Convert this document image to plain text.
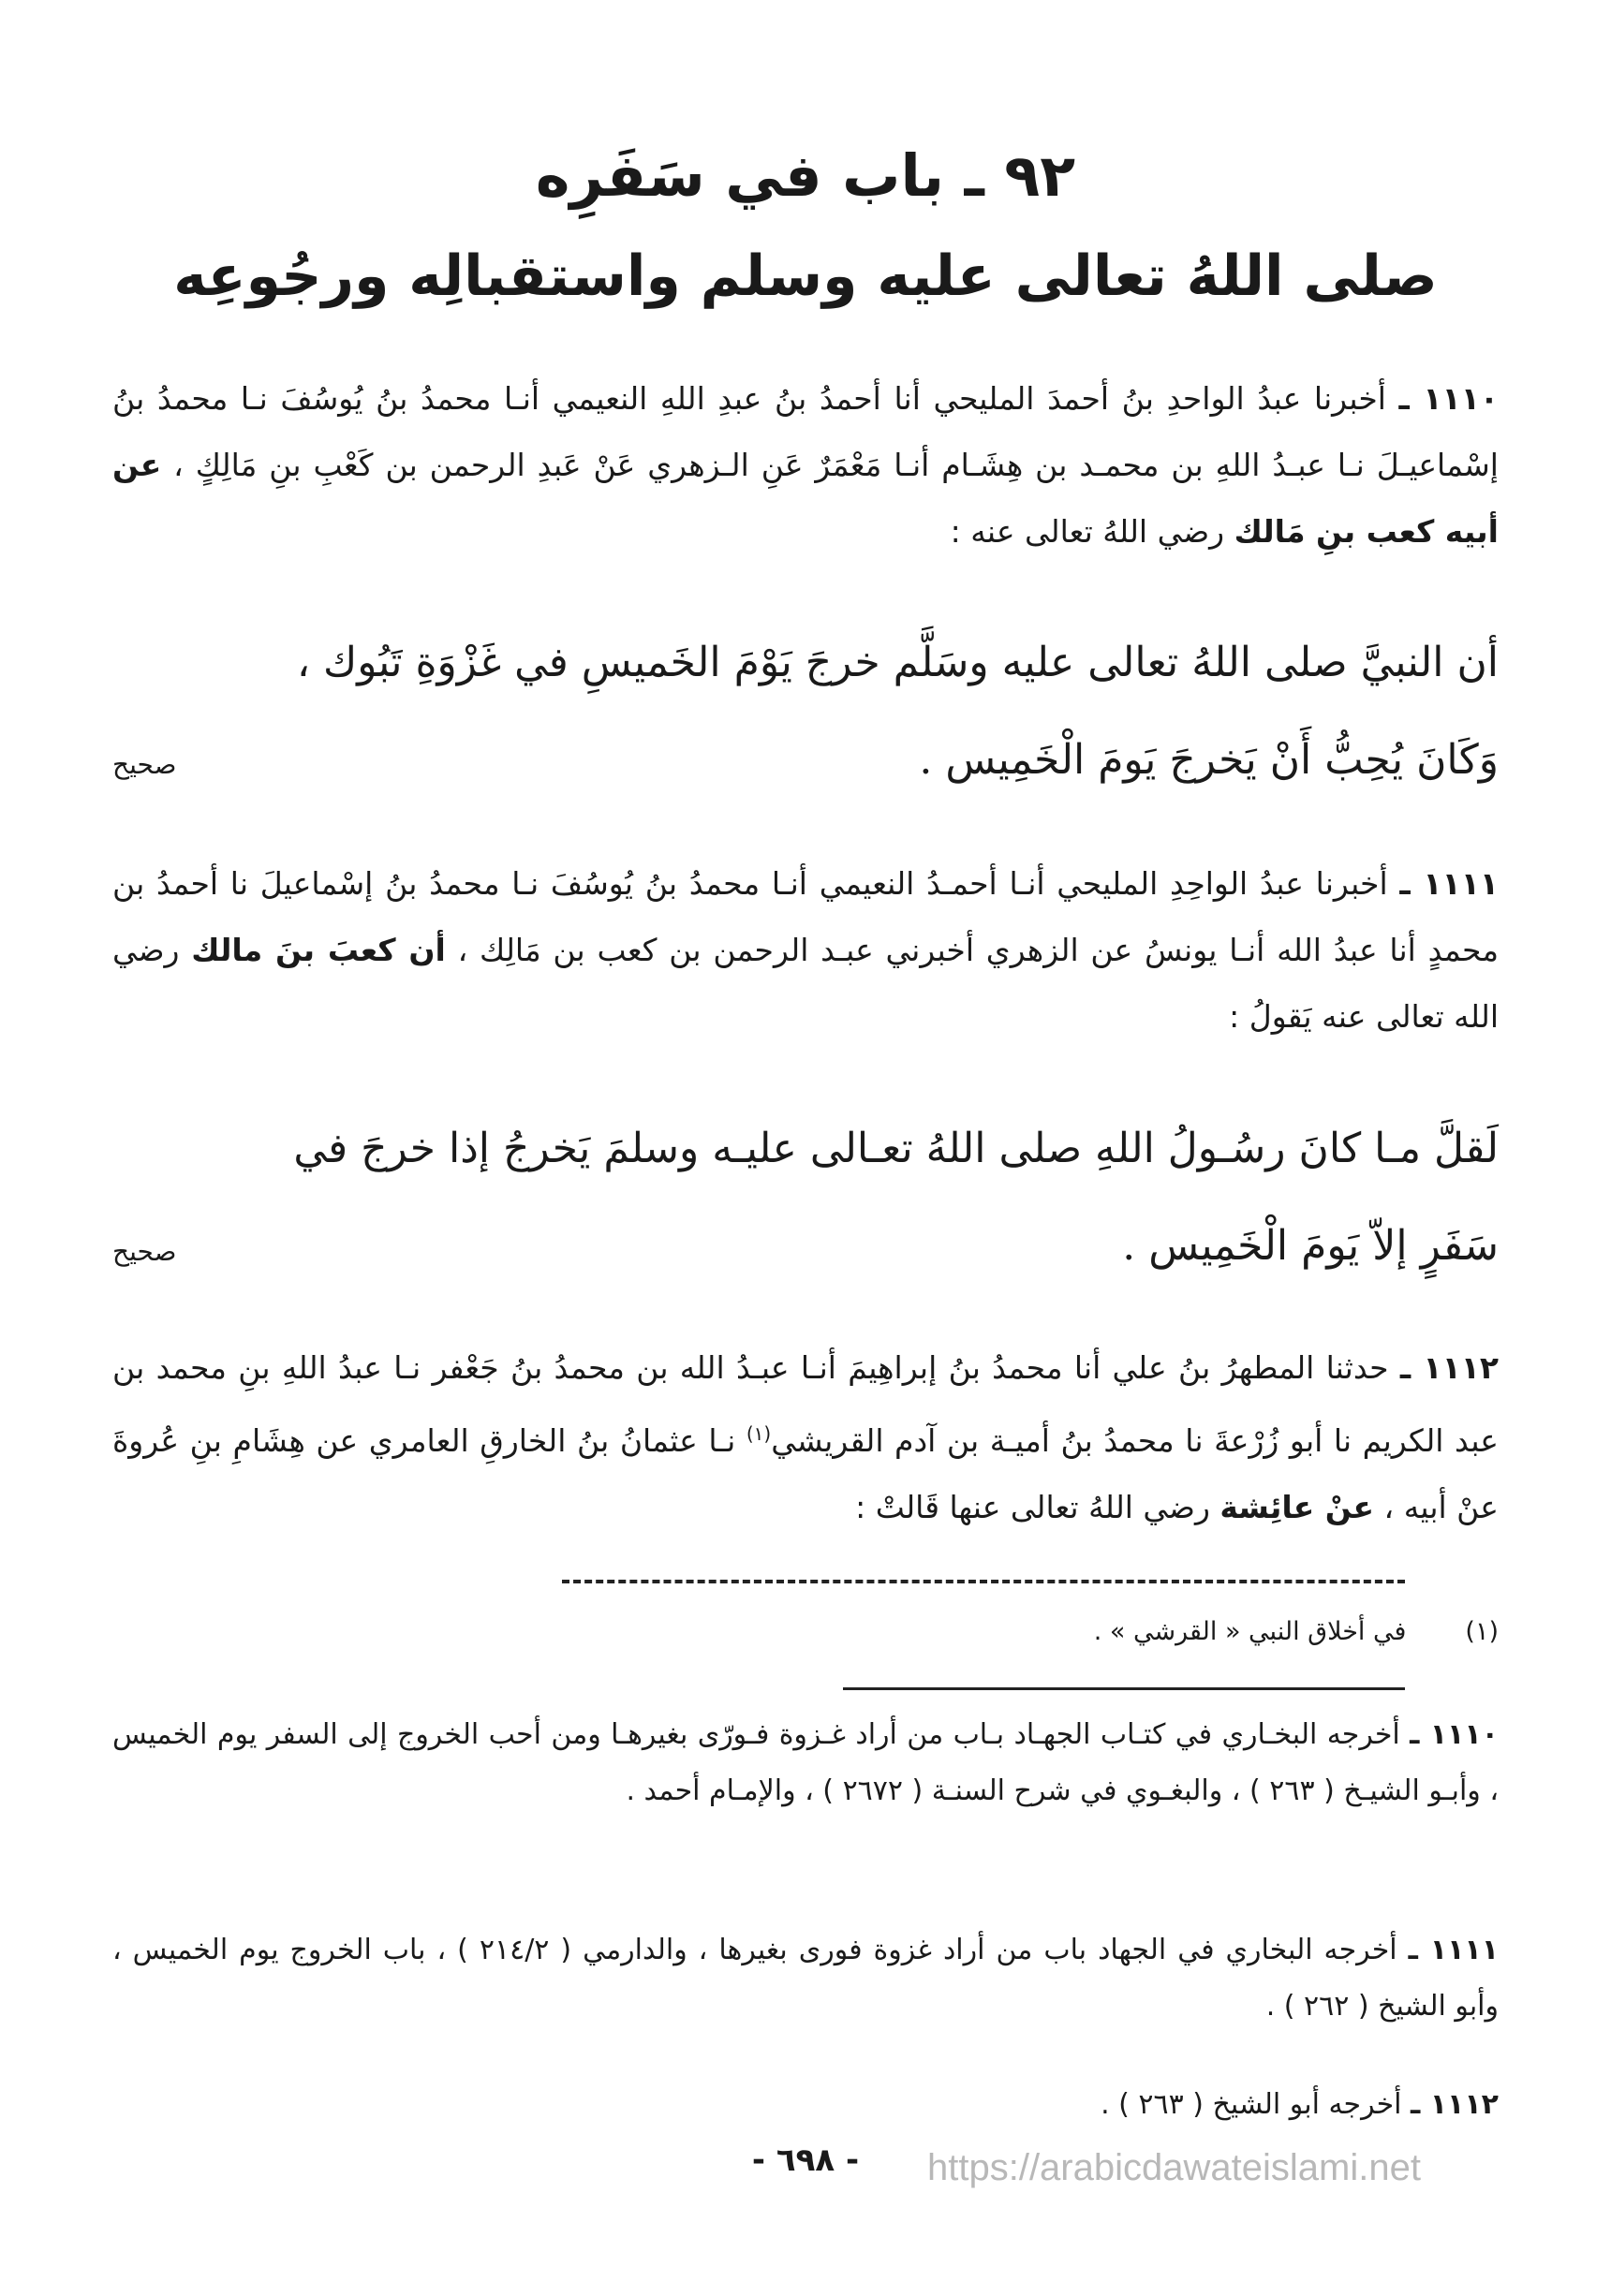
٩٢ ـ باب في سَفَرِه
صلى اللهُ تعالى عليه وسلم واستقبالِه ورجُوعِه
١١١٠ ـ أخبرنا عبدُ الواحدِ بنُ أحمدَ المليحي أنا أحمدُ بنُ عبدِ اللهِ النعيمي أنـا محمدُ بنُ يُوسُفَ نـا محمدُ بنُ إسْماعيـلَ نـا عبـدُ اللهِ بن محمـد بن هِشَـام أنـا مَعْمَرٌ عَنِ الـزهري عَنْ عَبدِ الرحمن بن كَعْبِ بنِ مَالِكٍ ، عن أبيه كعب بنِ مَالك رضي اللهُ تعالى عنه :
أن النبيَّ صلى اللهُ تعالى عليه وسَلَّم خرجَ يَوْمَ الخَميسِ في غَزْوَةِ تَبُوك ، وَكَانَ يُحِبُّ أَنْ يَخرجَ يَومَ الْخَمِيس .
صحيح
١١١١ ـ أخبرنا عبدُ الواحِدِ المليحي أنـا أحمـدُ النعيمي أنـا محمدُ بنُ يُوسُفَ نـا محمدُ بنُ إسْماعيلَ نا أحمدُ بن محمدٍ أنا عبدُ الله أنـا يونسُ عن الزهري أخبرني عبـد الرحمن بن كعب بن مَالِك ، أن كعبَ بنَ مالك رضي الله تعالى عنه يَقولُ :
لَقلَّ مـا كانَ رسُـولُ اللهِ صلى اللهُ تعـالى عليـه وسلمَ يَخرجُ إذا خرجَ في سَفَرٍ إلاّ يَومَ الْخَمِيس .
صحيح
١١١٢ ـ حدثنا المطهرُ بنُ علي أنا محمدُ بنُ إبراهِيمَ أنـا عبـدُ الله بن محمدُ بنُ جَعْفر نـا عبدُ اللهِ بنِ محمد بن عبد الكريم نا أبو زُرْعةَ نا محمدُ بنُ أميـة بن آدم القريشي$^{(١)}$ نـا عثمانُ بنُ الخارقِ العامري عن هِشَامِ بنِ عُروةَ عنْ أبيه ، عنْ عائِشة رضي اللهُ تعالى عنها قَالتْ :
(١) في أخلاق النبي « القرشي » .
١١١٠ ـ أخرجه البخـاري في كتـاب الجهـاد بـاب من أراد غـزوة فـورّى بغيرهـا ومن أحب الخروج إلى السفر يوم الخميس ، وأبـو الشيـخ ( ٢٦٣ ) ، والبغـوي في شرح السنـة ( ٢٦٧٢ ) ، والإمـام أحمد .
١١١١ ـ أخرجه البخاري في الجهاد باب من أراد غزوة فورى بغيرها ، والدارمي ( ٢١٤/٢ ) ، باب الخروج يوم الخميس ، وأبو الشيخ ( ٢٦٢ ) .
١١١٢ ـ أخرجه أبو الشيخ ( ٢٦٣ ) .
- ٦٩٨ -	https://arabicdawateislami.net
